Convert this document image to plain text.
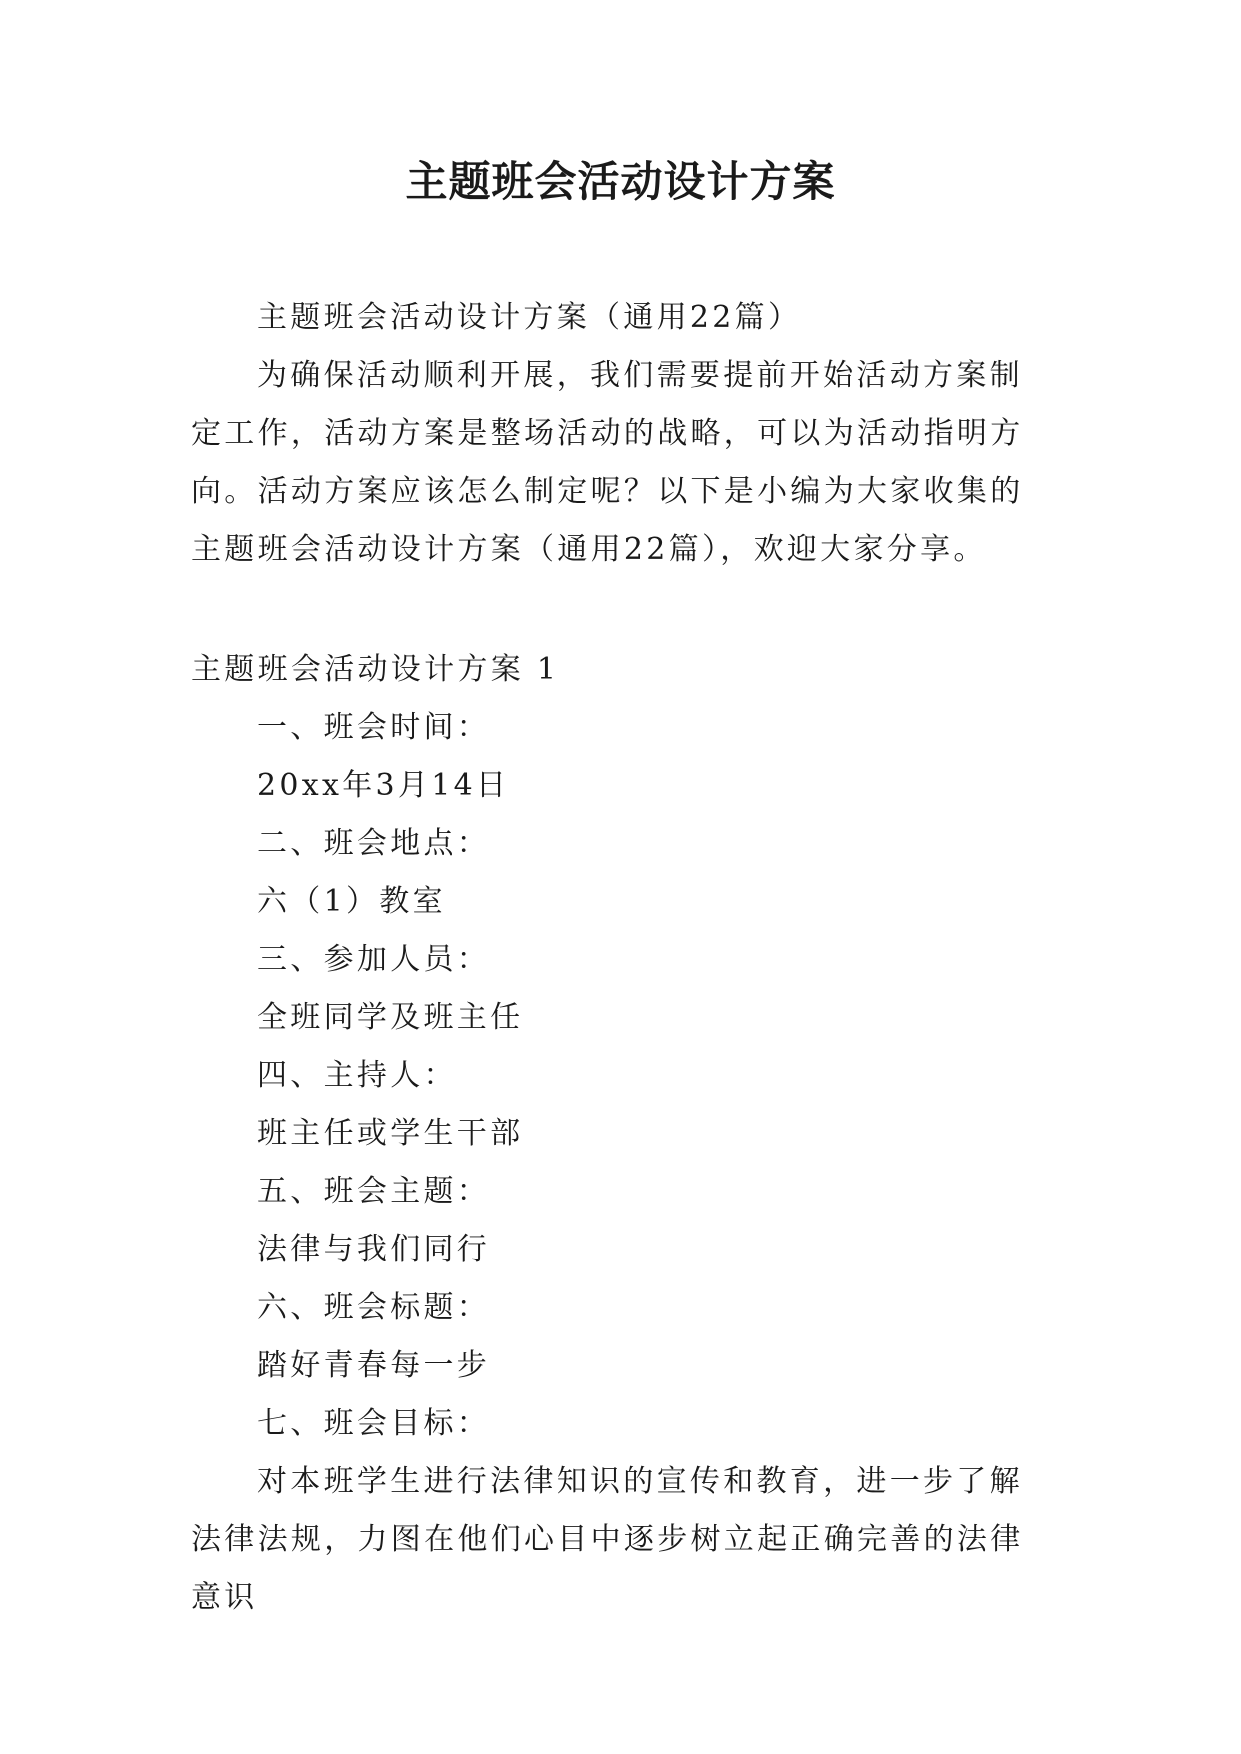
主题班会活动设计方案

主题班会活动设计方案（通用22篇）

为确保活动顺利开展，我们需要提前开始活动方案制定工作，活动方案是整场活动的战略，可以为活动指明方向。活动方案应该怎么制定呢？以下是小编为大家收集的主题班会活动设计方案（通用22篇），欢迎大家分享。

主题班会活动设计方案 1

一、班会时间：

20xx年3月14日

二、班会地点：

六（1）教室

三、参加人员：

全班同学及班主任

四、主持人：

班主任或学生干部

五、班会主题：

法律与我们同行

六、班会标题：

踏好青春每一步

七、班会目标：

对本班学生进行法律知识的宣传和教育，进一步了解法律法规，力图在他们心目中逐步树立起正确完善的法律意识
